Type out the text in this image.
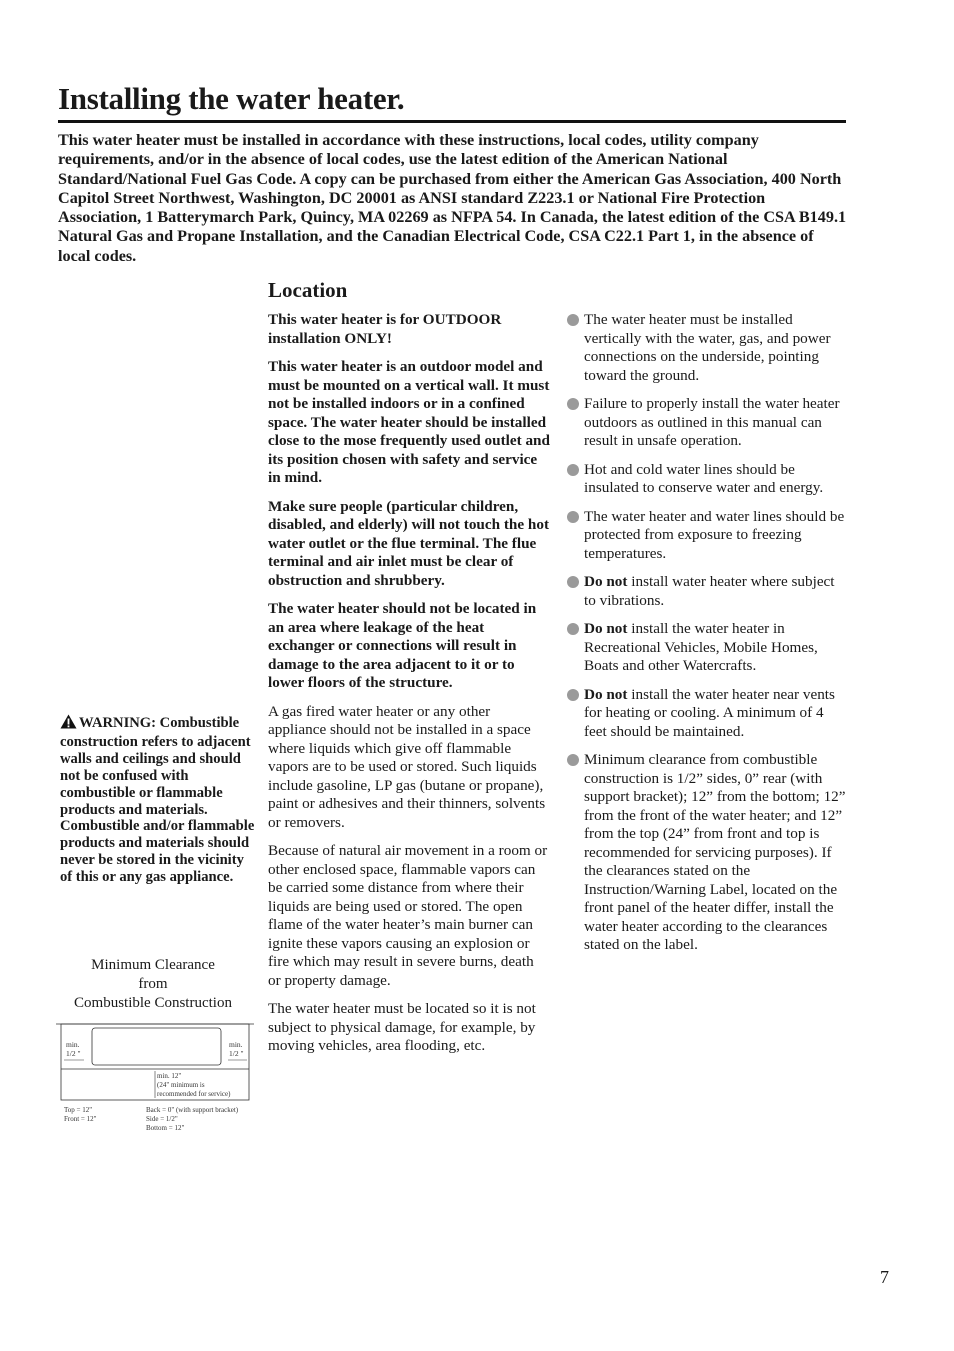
Installing the water heater.
This water heater must be installed in accordance with these instructions, local codes, utility company requirements, and/or in the absence of local codes, use the latest edition of the American National Standard/National Fuel Gas Code. A copy can be purchased from either the American Gas Association, 400 North Capitol Street Northwest, Washington, DC 20001 as ANSI standard Z223.1 or National Fire Protection Association, 1 Batterymarch Park, Quincy, MA 02269 as NFPA 54. In Canada, the latest edition of the CSA B149.1 Natural Gas and Propane Installation, and the Canadian Electrical Code, CSA C22.1 Part 1, in the absence of local codes.
WARNING: Combustible construction refers to adjacent walls and ceilings and should not be confused with combustible or flammable products and materials. Combustible and/or flammable products and materials should never be stored in the vicinity of this or any gas appliance.
Minimum Clearance
from
Combustible Construction
min.
1/2 "
min.
1/2 "
min. 12"
(24" minimum is
recommended for service)
Top = 12"
Front = 12"
Back = 0" (with support bracket)
Side = 1/2"
Bottom = 12"
Location

This water heater is for OUTDOOR installation ONLY!

This water heater is an outdoor model and must be mounted on a vertical wall. It must not be installed indoors or in a confined space. The water heater should be installed close to the mose frequently used outlet and its position chosen with safety and service in mind.

Make sure people (particular children, disabled, and elderly) will not touch the hot water outlet or the flue terminal. The flue terminal and air inlet must be clear of obstruction and shrubbery.

The water heater should not be located in an area where leakage of the heat exchanger or connections will result in damage to the area adjacent to it or to lower floors of the structure.

A gas fired water heater or any other appliance should not be installed in a space where liquids which give off flammable vapors are to be used or stored. Such liquids include gasoline, LP gas (butane or propane), paint or adhesives and their thinners, solvents or removers.

Because of natural air movement in a room or other enclosed space, flammable vapors can be carried some distance from where their liquids are being used or stored. The open flame of the water heater’s main burner can ignite these vapors causing an explosion or fire which may result in severe burns, death or property damage.

The water heater must be located so it is not subject to physical damage, for example, by moving vehicles, area flooding, etc.

The water heater must be installed vertically with the water, gas, and power connections on the underside, pointing toward the ground.
Failure to properly install the water heater outdoors as outlined in this manual can result in unsafe operation.
Hot and cold water lines should be insulated to conserve water and energy.
The water heater and water lines should be protected from exposure to freezing temperatures.
Do not install water heater where subject to vibrations.
Do not install the water heater in Recreational Vehicles, Mobile Homes, Boats and other Watercrafts.
Do not install the water heater near vents for heating or cooling. A minimum of 4 feet should be maintained.
Minimum clearance from combustible construction is 1/2” sides, 0” rear (with support bracket); 12” from the bottom; 12” from the front of the water heater; and 12” from the top (24” from front and top is recommended for servicing purposes). If the clearances stated on the Instruction/Warning Label, located on the front panel of the heater differ, install the water heater according to the clearances stated on the label.
7
